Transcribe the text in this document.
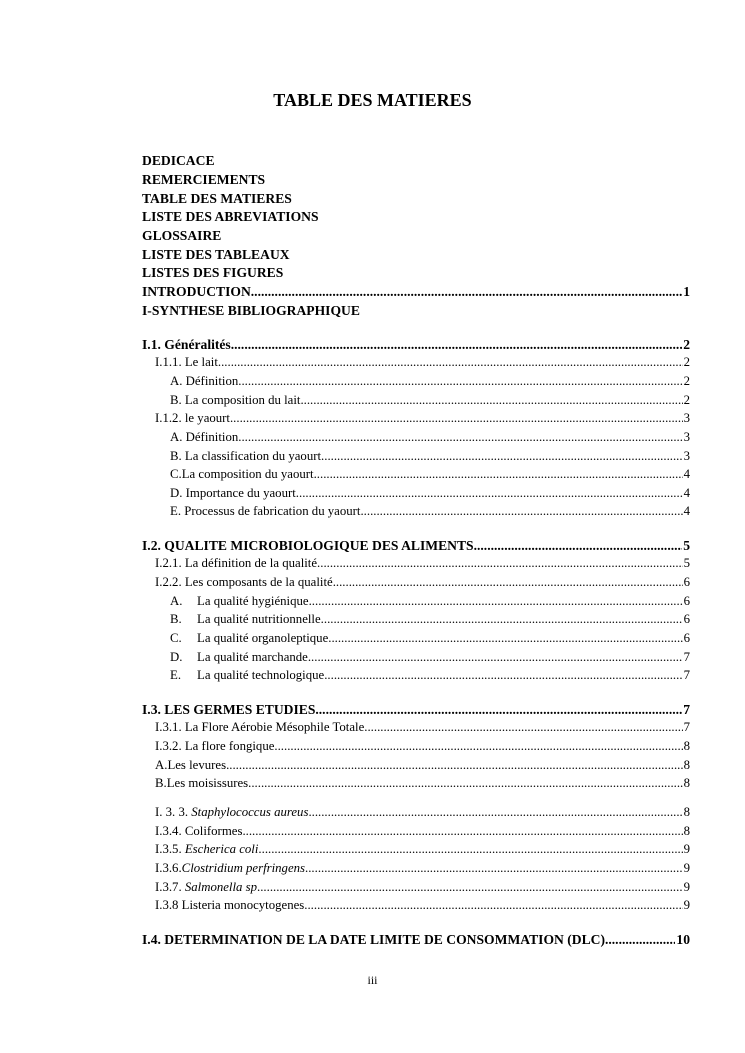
TABLE DES MATIERES
DEDICACE
REMERCIEMENTS
TABLE DES MATIERES
LISTE DES ABREVIATIONS
GLOSSAIRE
LISTE DES TABLEAUX
LISTES DES FIGURES
INTRODUCTION .....	1
I-SYNTHESE BIBLIOGRAPHIQUE
I.1. Généralités .....	2
I.1.1. Le lait .....	2
A. Définition .....	2
B. La composition du lait .....	2
I.1.2. le yaourt .....	3
A. Définition .....	3
B. La classification du yaourt .....	3
C.La composition du yaourt .....	4
D. Importance du yaourt .....	4
E. Processus de fabrication du yaourt .....	4
I.2. QUALITE MICROBIOLOGIQUE DES ALIMENTS .....	5
I.2.1. La définition de la qualité .....	5
I.2.2. Les composants de la qualité .....	6
A. La qualité hygiénique .....	6
B. La qualité nutritionnelle .....	6
C. La qualité organoleptique .....	6
D. La qualité marchande .....	7
E. La qualité technologique .....	7
I.3. LES GERMES ETUDIES .....	7
I.3.1. La Flore Aérobie Mésophile Totale .....	7
I.3.2. La flore fongique .....	8
A.Les levures .....	8
B.Les moisissures .....	8
I. 3. 3. Staphylococcus aureus .....	8
I.3.4. Coliformes .....	8
I.3.5. Escherica coli .....	9
I.3.6.Clostridium perfringens .....	9
I.3.7. Salmonella sp .....	9
I.3.8 Listeria monocytogenes .....	9
I.4. DETERMINATION DE LA DATE LIMITE DE CONSOMMATION (DLC) .....	10
iii
